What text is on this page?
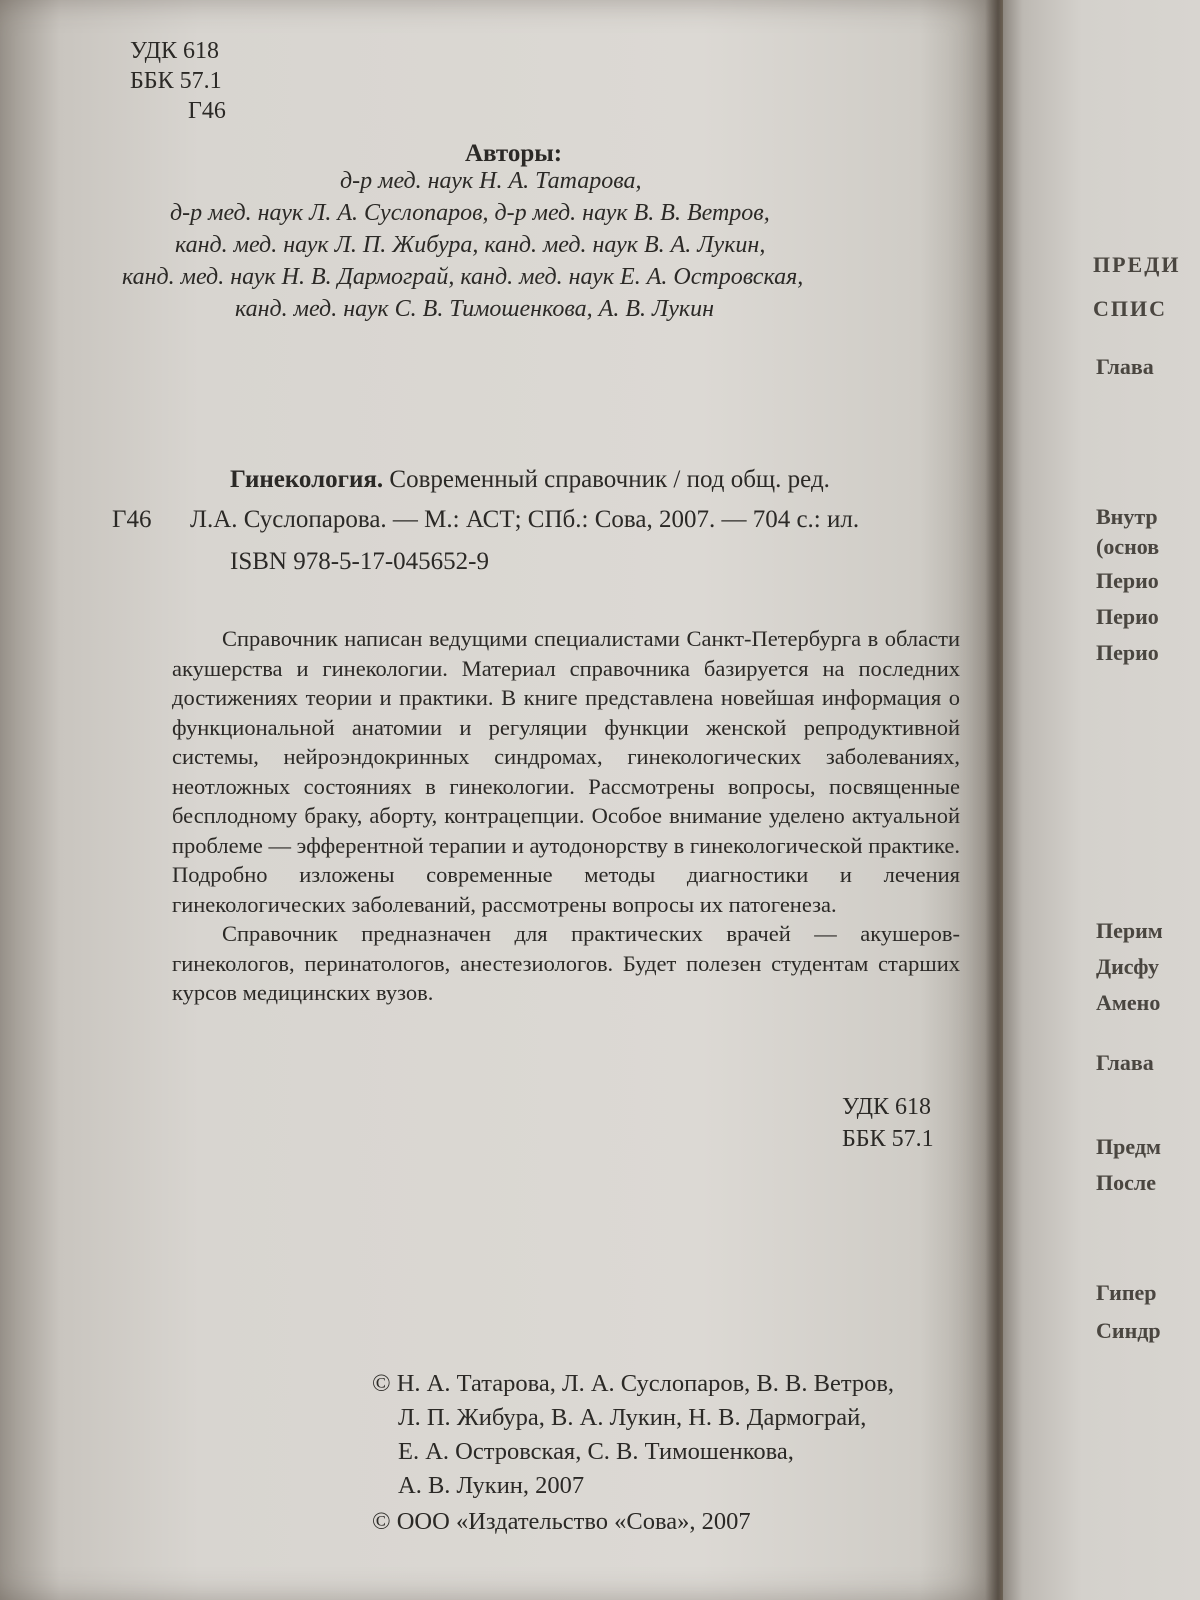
УДК 618
ББК 57.1
Г46
Авторы:
д-р мед. наук Н. А. Татарова,
д-р мед. наук Л. А. Суслопаров, д-р мед. наук В. В. Ветров,
канд. мед. наук Л. П. Жибура, канд. мед. наук В. А. Лукин,
канд. мед. наук Н. В. Дармограй, канд. мед. наук Е. А. Островская,
канд. мед. наук С. В. Тимошенкова, А. В. Лукин
Гинекология. Современный справочник / под общ. ред.
Г46 Л.А. Суслопарова. — М.: АСТ; СПб.: Сова, 2007. — 704 с.: ил.
ISBN 978-5-17-045652-9

Справочник написан ведущими специалистами Санкт-Петербурга в области акушерства и гинекологии. Материал справочника базируется на последних достижениях теории и практики. В книге представлена новейшая информация о функциональной анатомии и регуляции функции женской репродуктивной системы, нейроэндокринных синдромах, гинекологических заболеваниях, неотложных состояниях в гинекологии. Рассмотрены вопросы, посвященные бесплодному браку, аборту, контрацепции. Особое внимание уделено актуальной проблеме — эфферентной терапии и аутодонорству в гинекологической практике. Подробно изложены современные методы диагностики и лечения гинекологических заболеваний, рассмотрены вопросы их патогенеза.

Справочник предназначен для практических врачей — акушеров-гинекологов, перинатологов, анестезиологов. Будет полезен студентам старших курсов медицинских вузов.

УДК 618
ББК 57.1
© Н. А. Татарова, Л. А. Суслопаров, В. В. Ветров,
Л. П. Жибура, В. А. Лукин, Н. В. Дармограй,
Е. А. Островская, С. В. Тимошенкова,
А. В. Лукин, 2007
© ООО «Издательство «Сова», 2007
ПРЕДИ
СПИС
Глава
Внутр
(основ
Перио
Перио
Перио
Перим
Дисфу
Амено
Глава
Предм
После
Гипер
Синдр
